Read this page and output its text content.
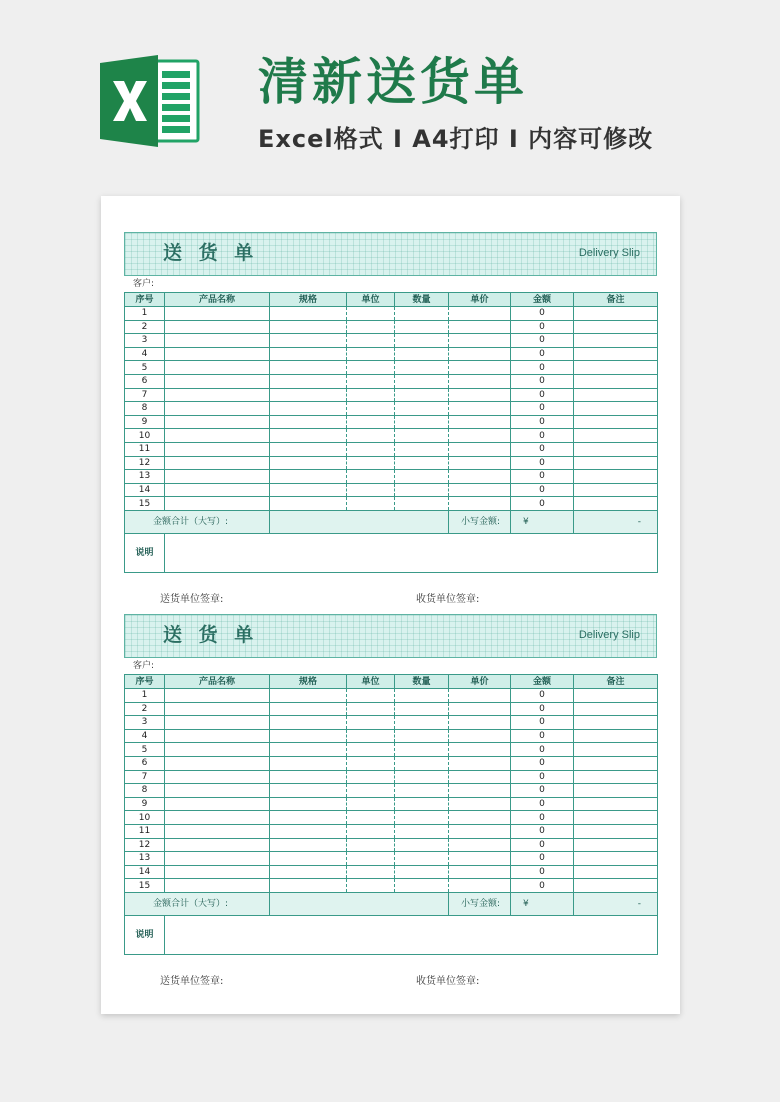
清新送货单
Excel格式 I A4打印 I 内容可修改
送 货 单	Delivery Slip
客户:
序号	产品名称	规格	单位	数量	单价	金额	备注
1						0	
2						0	
3						0	
4						0	
5						0	
6						0	
7						0	
8						0	
9						0	
10						0	
11						0	
12						0	
13						0	
14						0	
15						0	
金额合计（大写）:					小写金额:	¥	-
说明							
送货单位签章:	收货单位签章:
送 货 单	Delivery Slip
客户:
序号	产品名称	规格	单位	数量	单价	金额	备注
1						0	
2						0	
3						0	
4						0	
5						0	
6						0	
7						0	
8						0	
9						0	
10						0	
11						0	
12						0	
13						0	
14						0	
15						0	
金额合计（大写）:					小写金额:	¥	-
说明							
送货单位签章:	收货单位签章:
